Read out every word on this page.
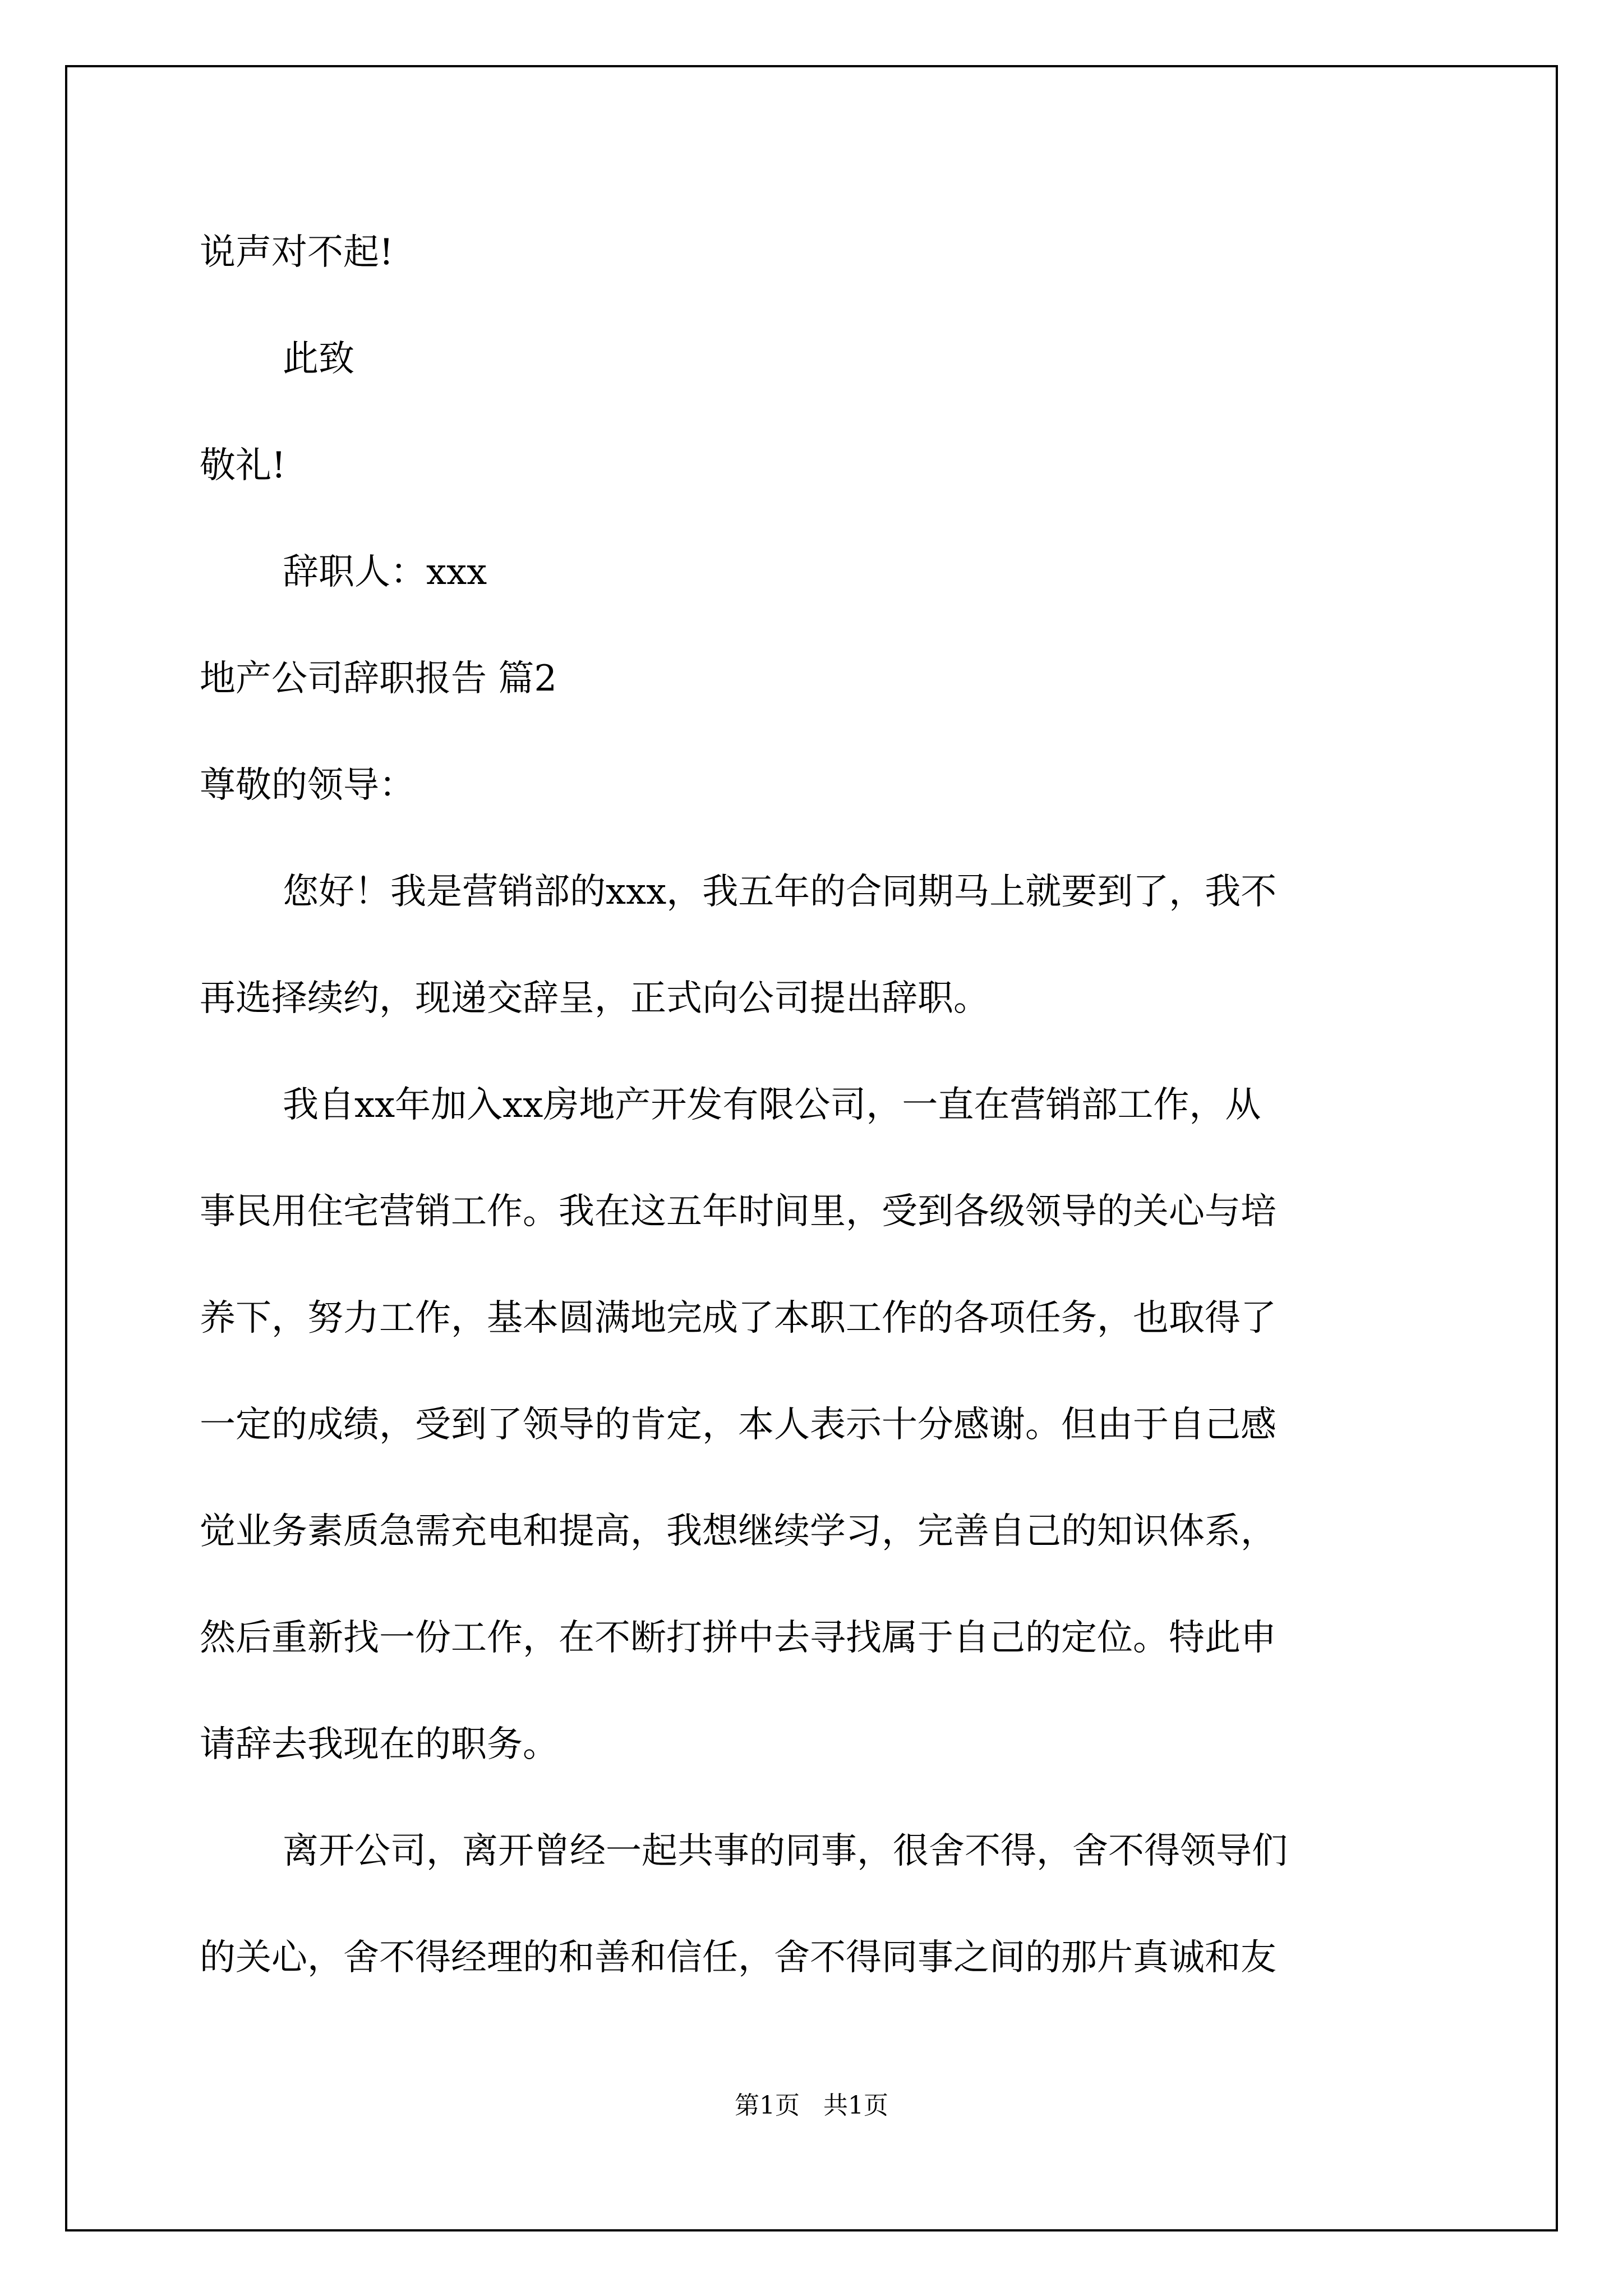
说声对不起!
此致
敬礼!
辞职人：xxx
地产公司辞职报告 篇2
尊敬的领导：
您好！我是营销部的xxx，我五年的合同期马上就要到了，我不
再选择续约，现递交辞呈，正式向公司提出辞职。
我自xx年加入xx房地产开发有限公司，一直在营销部工作，从
事民用住宅营销工作。我在这五年时间里，受到各级领导的关心与培
养下，努力工作，基本圆满地完成了本职工作的各项任务，也取得了
一定的成绩，受到了领导的肯定，本人表示十分感谢。但由于自己感
觉业务素质急需充电和提高，我想继续学习，完善自己的知识体系，
然后重新找一份工作，在不断打拼中去寻找属于自己的定位。特此申
请辞去我现在的职务。
离开公司，离开曾经一起共事的同事，很舍不得，舍不得领导们
的关心，舍不得经理的和善和信任，舍不得同事之间的那片真诚和友
第1页   共1页
